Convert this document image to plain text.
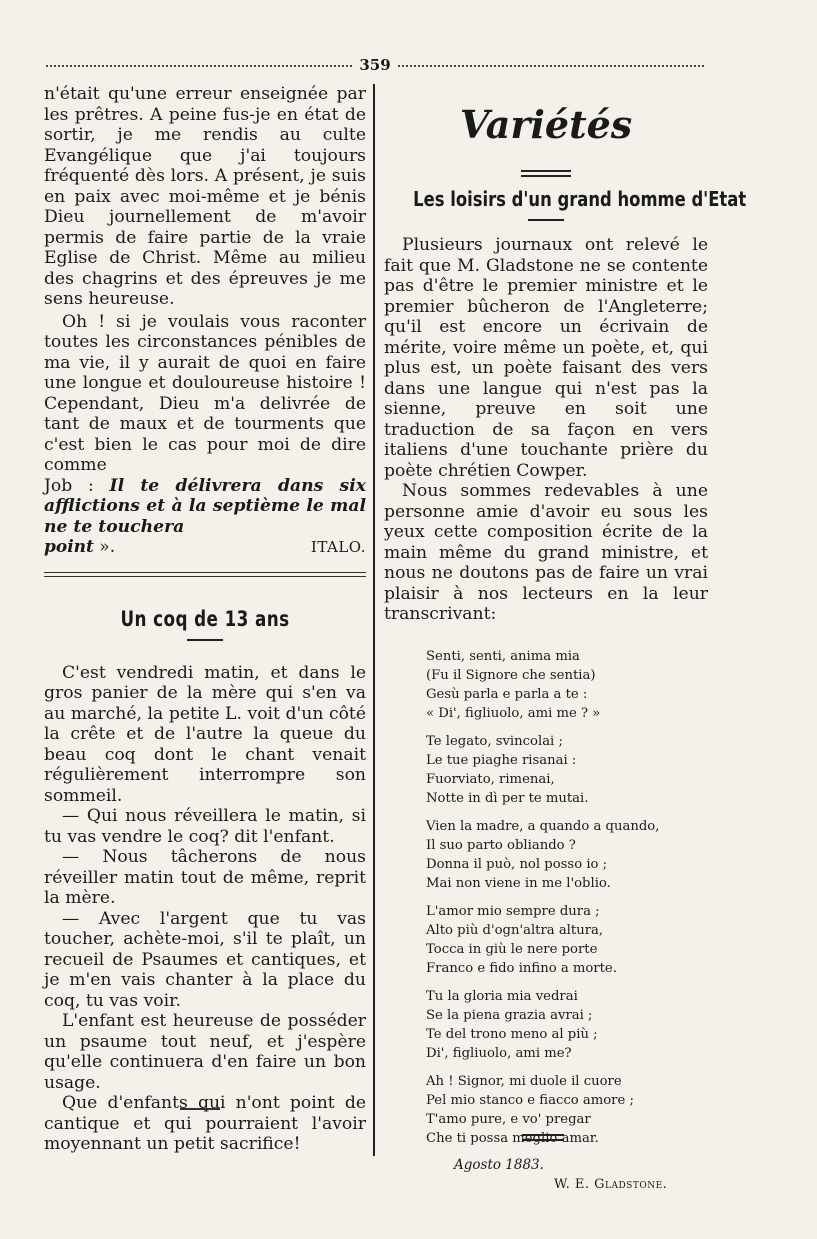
359

n'était qu'une erreur enseignée par les prêtres. A peine fus-je en état de sortir, je me rendis au culte Evangélique que j'ai toujours fréquenté dès lors. A présent, je suis en paix avec moi-même et je bénis Dieu journellement de m'avoir permis de faire partie de la vraie Eglise de Christ. Même au milieu des chagrins et des épreuves je me sens heureuse.

Oh ! si je voulais vous raconter toutes les circonstances pénibles de ma vie, il y aurait de quoi en faire une longue et douloureuse histoire ! Cependant, Dieu m'a delivrée de tant de maux et de tourments que c'est bien le cas pour moi de dire comme

Job : Il te délivrera dans six afflictions et à la septième le mal ne te touchera

point ».	ITALO.
Un coq de 13 ans

C'est vendredi matin, et dans le gros panier de la mère qui s'en va au marché, la petite L. voit d'un côté la crête et de l'autre la queue du beau coq dont le chant venait régulièrement interrompre son sommeil.

— Qui nous réveillera le matin, si tu vas vendre le coq? dit l'enfant.

— Nous tâcherons de nous réveiller matin tout de même, reprit la mère.

— Avec l'argent que tu vas toucher, achète-moi, s'il te plaît, un recueil de Psaumes et cantiques, et je m'en vais chanter à la place du coq, tu vas voir.

L'enfant est heureuse de posséder un psaume tout neuf, et j'espère qu'elle continuera d'en faire un bon usage.

Que d'enfants qui n'ont point de cantique et qui pourraient l'avoir moyennant un petit sacrifice!

Variétés
Les loisirs d'un grand homme d'Etat

Plusieurs journaux ont relevé le fait que M. Gladstone ne se contente pas d'être le premier ministre et le premier bûcheron de l'Angleterre; qu'il est encore un écrivain de mérite, voire même un poète, et, qui plus est, un poète faisant des vers dans une langue qui n'est pas la sienne, preuve en soit une traduction de sa façon en vers italiens d'une touchante prière du poète chrétien Cowper.

Nous sommes redevables à une personne amie d'avoir eu sous les yeux cette composition écrite de la main même du grand ministre, et nous ne doutons pas de faire un vrai plaisir à nos lecteurs en la leur transcrivant:

Senti, senti, anima mia
(Fu il Signore che sentia)
Gesù parla e parla a te :
« Di', figliuolo, ami me ? »
Te legato, svincolai ;
Le tue piaghe risanai :
Fuorviato, rimenai,
Notte in dì per te mutai.
Vien la madre, a quando a quando,
Il suo parto obliando ?
Donna il può, nol posso io ;
Mai non viene in me l'oblio.
L'amor mio sempre dura ;
Alto più d'ogn'altra altura,
Tocca in giù le nere porte
Franco e fido infino a morte.
Tu la gloria mia vedrai
Se la piena grazia avrai ;
Te del trono meno al più ;
Di', figliuolo, ami me?
Ah ! Signor, mi duole il cuore
Pel mio stanco e fiacco amore ;
T'amo pure, e vo' pregar
Che ti possa meglio amar.
Agosto 1883.
W. E. Gladstone.
